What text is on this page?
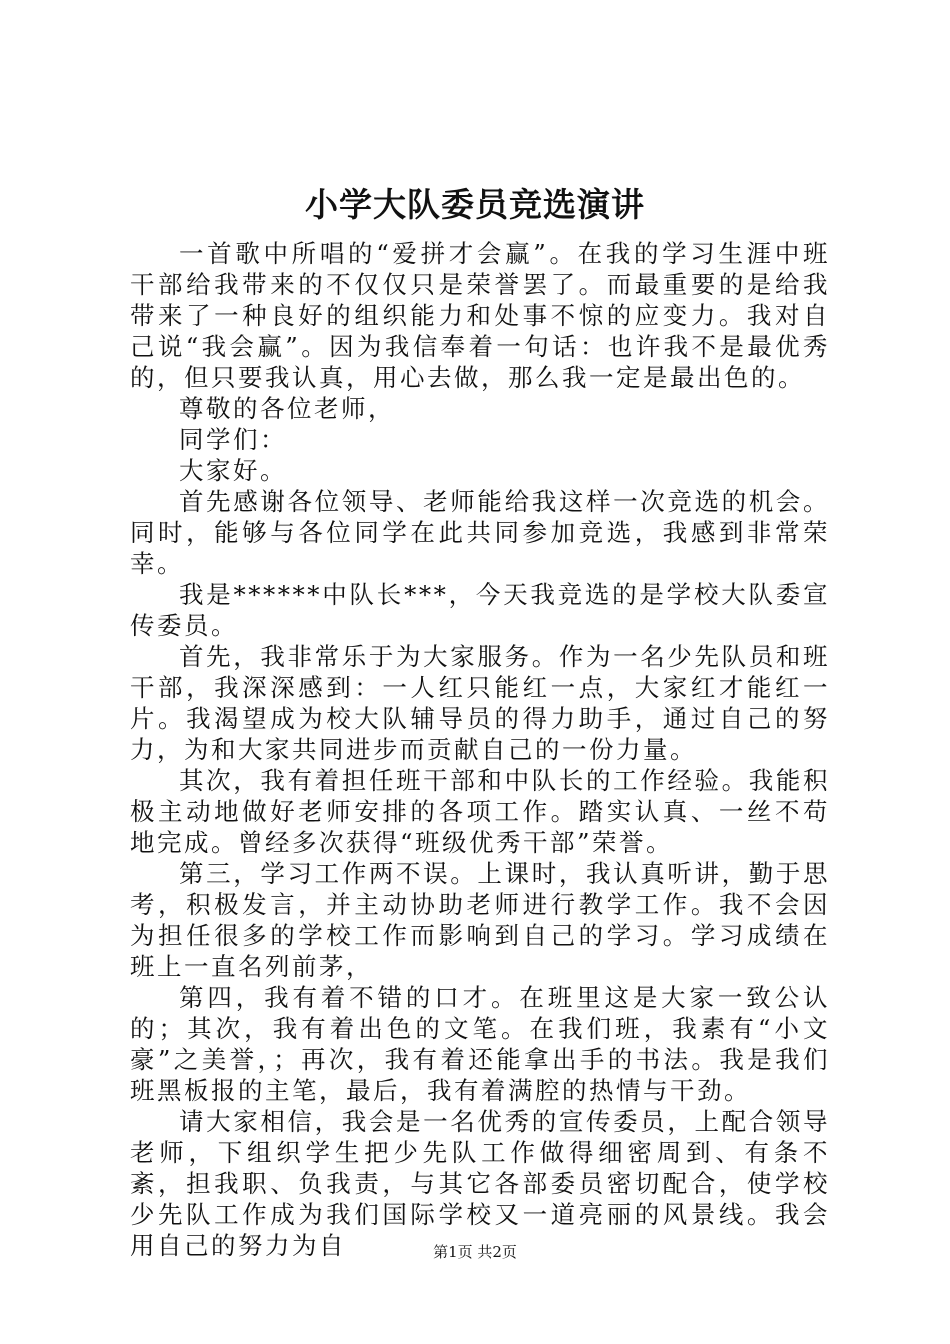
小学大队委员竞选演讲

一首歌中所唱的“爱拼才会赢”。在我的学习生涯中班干部给我带来的不仅仅只是荣誉罢了。而最重要的是给我带来了一种良好的组织能力和处事不惊的应变力。我对自己说“我会赢”。因为我信奉着一句话：也许我不是最优秀的，但只要我认真，用心去做，那么我一定是最出色的。

尊敬的各位老师，

同学们：

大家好。

首先感谢各位领导、老师能给我这样一次竞选的机会。同时，能够与各位同学在此共同参加竞选，我感到非常荣幸。

我是******中队长***，今天我竞选的是学校大队委宣传委员。

首先，我非常乐于为大家服务。作为一名少先队员和班干部，我深深感到：一人红只能红一点，大家红才能红一片。我渴望成为校大队辅导员的得力助手，通过自己的努力，为和大家共同进步而贡献自己的一份力量。

其次，我有着担任班干部和中队长的工作经验。我能积极主动地做好老师安排的各项工作。踏实认真、一丝不苟地完成。曾经多次获得“班级优秀干部”荣誉。

第三，学习工作两不误。上课时，我认真听讲，勤于思考，积极发言，并主动协助老师进行教学工作。我不会因为担任很多的学校工作而影响到自己的学习。学习成绩在班上一直名列前茅，

第四，我有着不错的口才。在班里这是大家一致公认的；其次，我有着出色的文笔。在我们班，我素有“小文豪”之美誉，；再次，我有着还能拿出手的书法。我是我们班黑板报的主笔，最后，我有着满腔的热情与干劲。

请大家相信，我会是一名优秀的宣传委员，上配合领导老师，下组织学生把少先队工作做得细密周到、有条不紊，担我职、负我责，与其它各部委员密切配合，使学校少先队工作成为我们国际学校又一道亮丽的风景线。我会用自己的努力为自	第1页 共2页
